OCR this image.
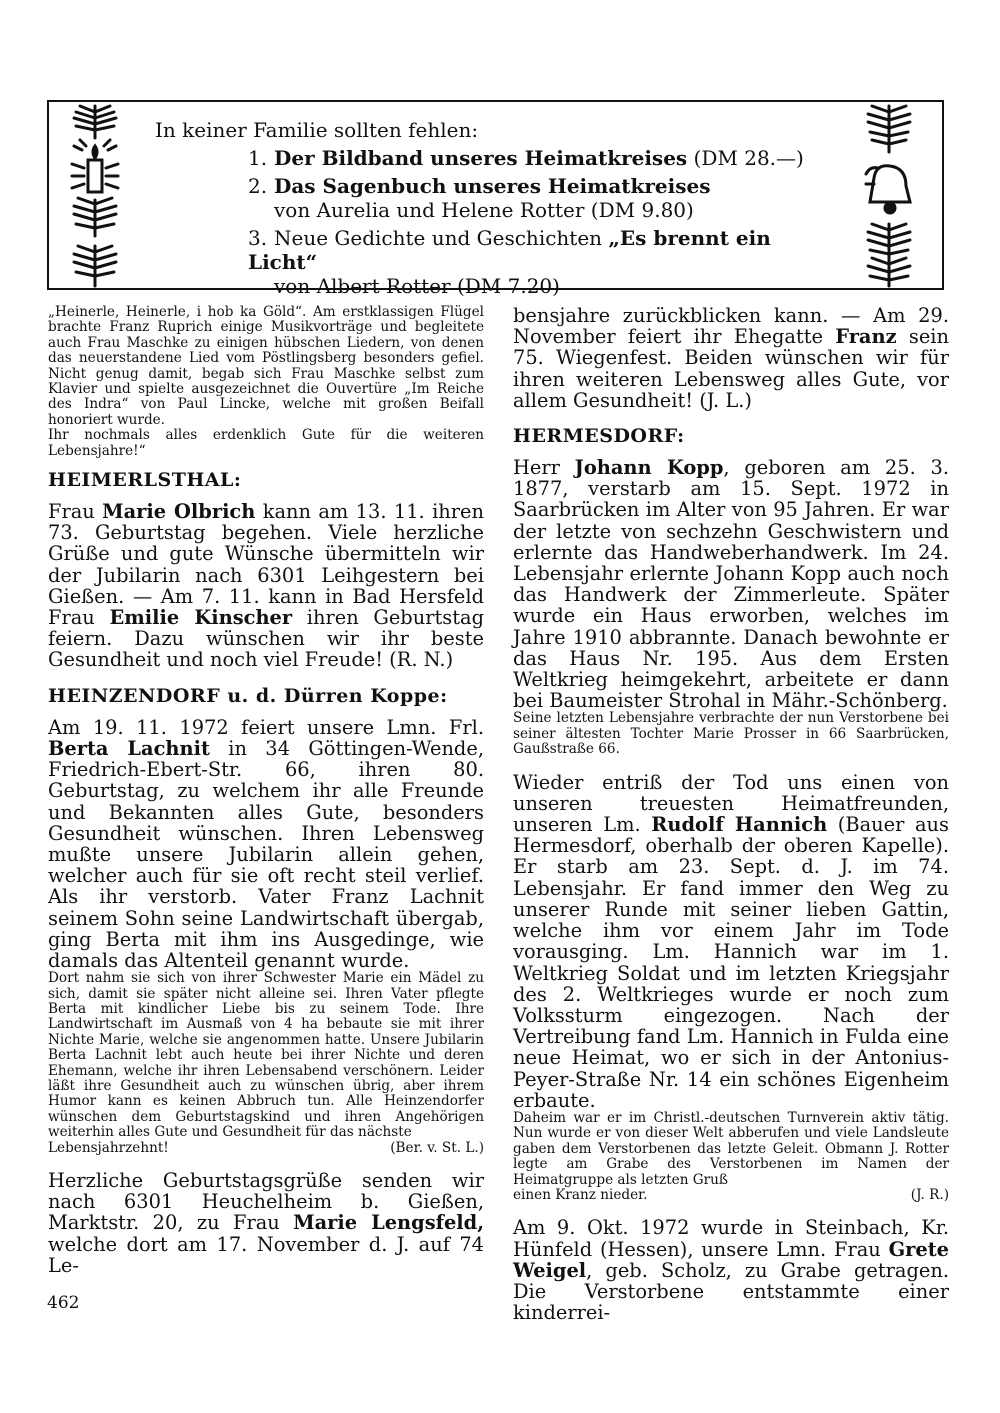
In keiner Familie sollten fehlen:
1. Der Bildband unseres Heimatkreises (DM 28.—)
2. Das Sagenbuch unseres Heimatkreises
von Aurelia und Helene Rotter (DM 9.80)
3. Neue Gedichte und Geschichten „Es brennt ein Licht“
von Albert Rotter (DM 7.20)

„Heinerle, Heinerle, i hob ka Göld“. Am erstklassigen Flügel brachte Franz Ruprich einige Musikvorträge und begleitete auch Frau Maschke zu einigen hübschen Liedern, von denen das neuerstandene Lied vom Pöstlingsberg besonders gefiel. Nicht genug damit, begab sich Frau Maschke selbst zum Klavier und spielte ausgezeichnet die Ouvertüre „Im Reiche des Indra“ von Paul Lincke, welche mit großen Beifall honoriert wurde.

Ihr nochmals alles erdenklich Gute für die weiteren Lebensjahre!“

HEIMERLSTHAL:

Frau Marie Olbrich kann am 13. 11. ihren 73. Geburtstag begehen. Viele herzliche Grüße und gute Wünsche übermitteln wir der Jubilarin nach 6301 Leihgestern bei Gießen. — Am 7. 11. kann in Bad Hersfeld Frau Emilie Kinscher ihren Geburtstag feiern. Dazu wünschen wir ihr beste Gesundheit und noch viel Freude! (R. N.)

HEINZENDORF u. d. Dürren Koppe:

Am 19. 11. 1972 feiert unsere Lmn. Frl. Berta Lachnit in 34 Göttingen-Wende, Friedrich-Ebert-Str. 66, ihren 80. Geburtstag, zu welchem ihr alle Freunde und Bekannten alles Gute, besonders Gesundheit wünschen. Ihren Lebensweg mußte unsere Jubilarin allein gehen, welcher auch für sie oft recht steil verlief. Als ihr verstorb. Vater Franz Lachnit seinem Sohn seine Landwirtschaft übergab, ging Berta mit ihm ins Ausgedinge, wie damals das Altenteil genannt wurde.

Dort nahm sie sich von ihrer Schwester Marie ein Mädel zu sich, damit sie später nicht alleine sei. Ihren Vater pflegte Berta mit kindlicher Liebe bis zu seinem Tode. Ihre Landwirtschaft im Ausmaß von 4 ha bebaute sie mit ihrer Nichte Marie, welche sie angenommen hatte. Unsere Jubilarin Berta Lachnit lebt auch heute bei ihrer Nichte und deren Ehemann, welche ihr ihren Lebensabend verschönern. Leider läßt ihre Gesundheit auch zu wünschen übrig, aber ihrem Humor kann es keinen Abbruch tun. Alle Heinzendorfer wünschen dem Geburtstagskind und ihren Angehörigen weiterhin alles Gute und Gesundheit für das nächste

Lebensjahrzehnt!	(Ber. v. St. L.)

Herzliche Geburtstagsgrüße senden wir nach 6301 Heuchelheim b. Gießen, Marktstr. 20, zu Frau Marie Lengsfeld, welche dort am 17. November d. J. auf 74 Le-

bensjahre zurückblicken kann. — Am 29. November feiert ihr Ehegatte Franz sein 75. Wiegenfest. Beiden wünschen wir für ihren weiteren Lebensweg alles Gute, vor allem Gesundheit! (J. L.)

HERMESDORF:

Herr Johann Kopp, geboren am 25. 3. 1877, verstarb am 15. Sept. 1972 in Saarbrücken im Alter von 95 Jahren. Er war der letzte von sechzehn Geschwistern und erlernte das Handweberhandwerk. Im 24. Lebensjahr erlernte Johann Kopp auch noch das Handwerk der Zimmerleute. Später wurde ein Haus erworben, welches im Jahre 1910 abbrannte. Danach bewohnte er das Haus Nr. 195. Aus dem Ersten Weltkrieg heimgekehrt, arbeitete er dann bei Baumeister Strohal in Mähr.-Schönberg.

Seine letzten Lebensjahre verbrachte der nun Verstorbene bei seiner ältesten Tochter Marie Prosser in 66 Saarbrücken, Gaußstraße 66.

Wieder entriß der Tod uns einen von unseren treuesten Heimatfreunden, unseren Lm. Rudolf Hannich (Bauer aus Hermesdorf, oberhalb der oberen Kapelle). Er starb am 23. Sept. d. J. im 74. Lebensjahr. Er fand immer den Weg zu unserer Runde mit seiner lieben Gattin, welche ihm vor einem Jahr im Tode vorausging. Lm. Hannich war im 1. Weltkrieg Soldat und im letzten Kriegsjahr des 2. Weltkrieges wurde er noch zum Volkssturm eingezogen. Nach der Vertreibung fand Lm. Hannich in Fulda eine neue Heimat, wo er sich in der Antonius-Peyer-Straße Nr. 14 ein schönes Eigenheim erbaute.

Daheim war er im Christl.-deutschen Turnverein aktiv tätig. Nun wurde er von dieser Welt abberufen und viele Landsleute gaben dem Verstorbenen das letzte Geleit. Obmann J. Rotter legte am Grabe des Verstorbenen im Namen der Heimatgruppe als letzten Gruß

einen Kranz nieder.	(J. R.)

Am 9. Okt. 1972 wurde in Steinbach, Kr. Hünfeld (Hessen), unsere Lmn. Frau Grete Weigel, geb. Scholz, zu Grabe getragen. Die Verstorbene entstammte einer kinderrei-

462
